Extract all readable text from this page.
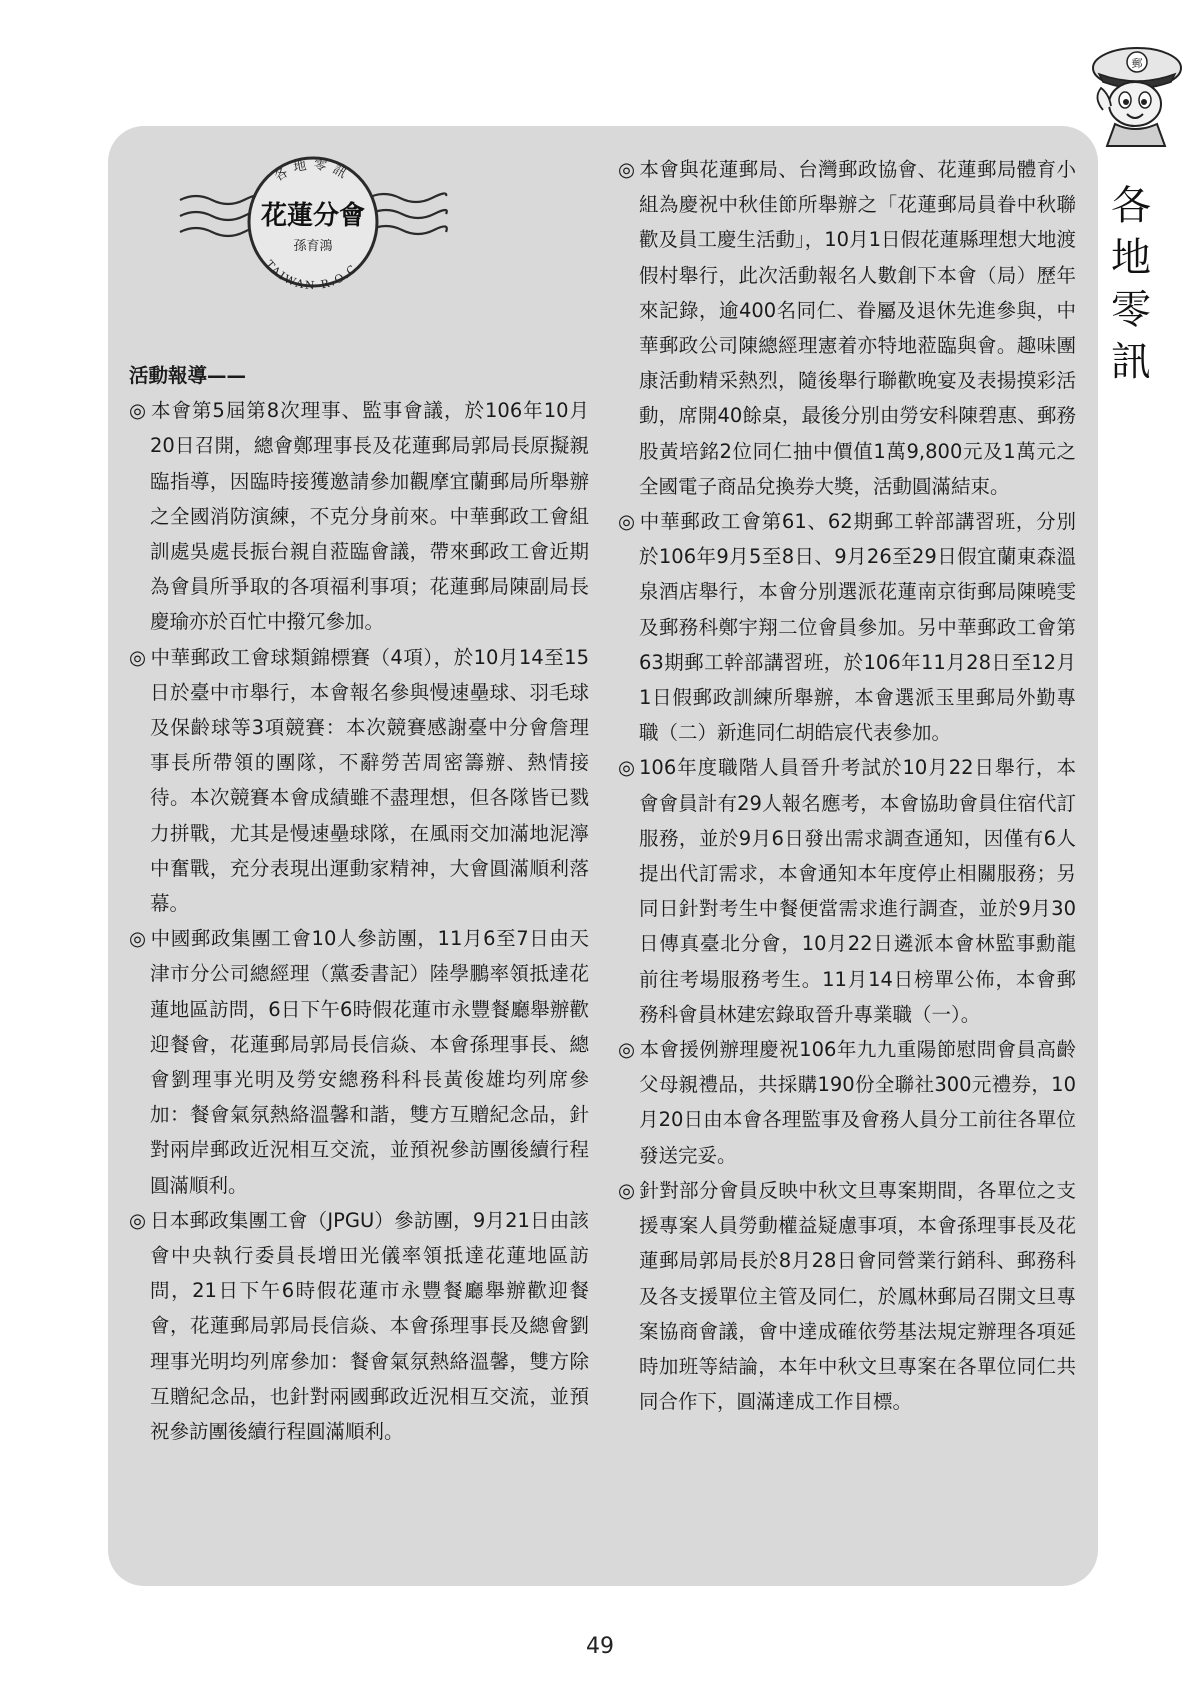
郵
各
地
零
訊
各地零訊
花蓮分會
孫育鴻
TAIWAN R.O.C.

活動報導——

◎ 本會第5屆第8次理事、監事會議，於106年10月20日召開，總會鄭理事長及花蓮郵局郭局長原擬親臨指導，因臨時接獲邀請參加觀摩宜蘭郵局所舉辦之全國消防演練，不克分身前來。中華郵政工會組訓處吳處長振台親自蒞臨會議，帶來郵政工會近期為會員所爭取的各項福利事項；花蓮郵局陳副局長慶瑜亦於百忙中撥冗參加。

◎ 中華郵政工會球類錦標賽（4項），於10月14至15日於臺中市舉行，本會報名參與慢速壘球、羽毛球及保齡球等3項競賽：本次競賽感謝臺中分會詹理事長所帶領的團隊，不辭勞苦周密籌辦、熱情接待。本次競賽本會成績雖不盡理想，但各隊皆已戮力拼戰，尤其是慢速壘球隊，在風雨交加滿地泥濘中奮戰，充分表現出運動家精神，大會圓滿順利落幕。

◎ 中國郵政集團工會10人參訪團，11月6至7日由天津市分公司總經理（黨委書記）陸學鵬率領抵達花蓮地區訪問，6日下午6時假花蓮市永豐餐廳舉辦歡迎餐會，花蓮郵局郭局長信焱、本會孫理事長、總會劉理事光明及勞安總務科科長黃俊雄均列席參加：餐會氣氛熱絡溫馨和諧，雙方互贈紀念品，針對兩岸郵政近況相互交流，並預祝參訪團後續行程圓滿順利。

◎ 日本郵政集團工會（JPGU）參訪團，9月21日由該會中央執行委員長增田光儀率領抵達花蓮地區訪問，21日下午6時假花蓮市永豐餐廳舉辦歡迎餐會，花蓮郵局郭局長信焱、本會孫理事長及總會劉理事光明均列席參加：餐會氣氛熱絡溫馨，雙方除互贈紀念品，也針對兩國郵政近況相互交流，並預祝參訪團後續行程圓滿順利。

◎ 本會與花蓮郵局、台灣郵政協會、花蓮郵局體育小組為慶祝中秋佳節所舉辦之「花蓮郵局員眷中秋聯歡及員工慶生活動」，10月1日假花蓮縣理想大地渡假村舉行，此次活動報名人數創下本會（局）歷年來記錄，逾400名同仁、眷屬及退休先進參與，中華郵政公司陳總經理憲着亦特地蒞臨與會。趣味團康活動精采熱烈，隨後舉行聯歡晚宴及表揚摸彩活動，席開40餘桌，最後分別由勞安科陳碧惠、郵務股黃培銘2位同仁抽中價值1萬9,800元及1萬元之全國電子商品兌換券大獎，活動圓滿結束。

◎ 中華郵政工會第61、62期郵工幹部講習班，分別於106年9月5至8日、9月26至29日假宜蘭東森溫泉酒店舉行，本會分別選派花蓮南京街郵局陳曉雯及郵務科鄭宇翔二位會員參加。另中華郵政工會第63期郵工幹部講習班，於106年11月28日至12月1日假郵政訓練所舉辦，本會選派玉里郵局外勤專職（二）新進同仁胡皓宸代表參加。

◎ 106年度職階人員晉升考試於10月22日舉行，本會會員計有29人報名應考，本會協助會員住宿代訂服務，並於9月6日發出需求調查通知，因僅有6人提出代訂需求，本會通知本年度停止相關服務；另同日針對考生中餐便當需求進行調查，並於9月30日傳真臺北分會，10月22日遴派本會林監事勳龍前往考場服務考生。11月14日榜單公佈，本會郵務科會員林建宏錄取晉升專業職（一）。

◎ 本會援例辦理慶祝106年九九重陽節慰問會員高齡父母親禮品，共採購190份全聯社300元禮券，10月20日由本會各理監事及會務人員分工前往各單位發送完妥。

◎ 針對部分會員反映中秋文旦專案期間，各單位之支援專案人員勞動權益疑慮事項，本會孫理事長及花蓮郵局郭局長於8月28日會同營業行銷科、郵務科及各支援單位主管及同仁，於鳳林郵局召開文旦專案協商會議，會中達成確依勞基法規定辦理各項延時加班等結論，本年中秋文旦專案在各單位同仁共同合作下，圓滿達成工作目標。

49
